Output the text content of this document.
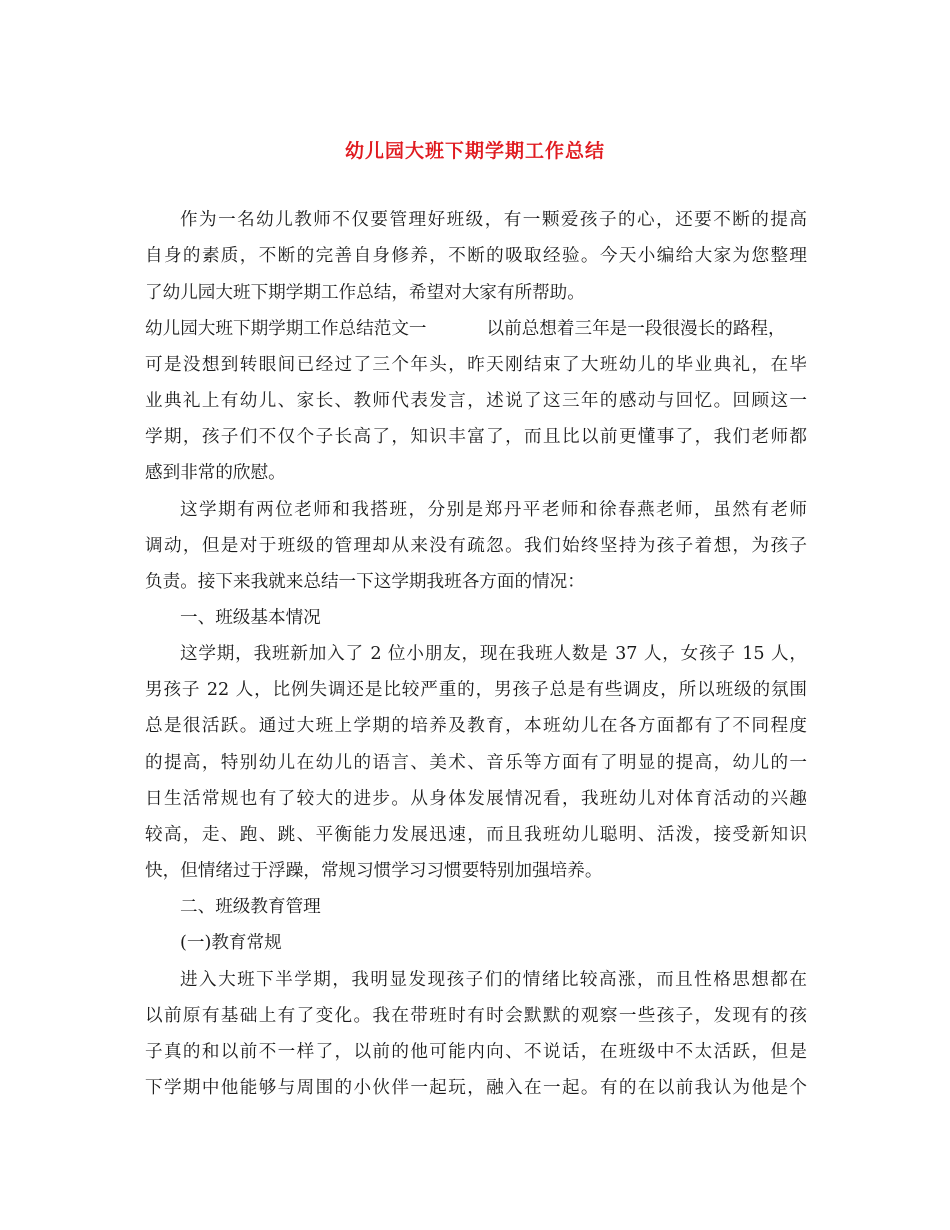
幼儿园大班下期学期工作总结
作为一名幼儿教师不仅要管理好班级，有一颗爱孩子的心，还要不断的提高
自身的素质，不断的完善自身修养，不断的吸取经验。今天小编给大家为您整理
了幼儿园大班下期学期工作总结，希望对大家有所帮助。
幼儿园大班下期学期工作总结范文一	以前总想着三年是一段很漫长的路程，
可是没想到转眼间已经过了三个年头，昨天刚结束了大班幼儿的毕业典礼，在毕
业典礼上有幼儿、家长、教师代表发言，述说了这三年的感动与回忆。回顾这一
学期，孩子们不仅个子长高了，知识丰富了，而且比以前更懂事了，我们老师都
感到非常的欣慰。
这学期有两位老师和我搭班，分别是郑丹平老师和徐春燕老师，虽然有老师
调动，但是对于班级的管理却从来没有疏忽。我们始终坚持为孩子着想，为孩子
负责。接下来我就来总结一下这学期我班各方面的情况：
一、班级基本情况
这学期，我班新加入了 2 位小朋友，现在我班人数是 37 人，女孩子 15 人，
男孩子 22 人，比例失调还是比较严重的，男孩子总是有些调皮，所以班级的氛围
总是很活跃。通过大班上学期的培养及教育，本班幼儿在各方面都有了不同程度
的提高，特别幼儿在幼儿的语言、美术、音乐等方面有了明显的提高，幼儿的一
日生活常规也有了较大的进步。从身体发展情况看，我班幼儿对体育活动的兴趣
较高，走、跑、跳、平衡能力发展迅速，而且我班幼儿聪明、活泼，接受新知识
快，但情绪过于浮躁，常规习惯学习习惯要特别加强培养。
二、班级教育管理
(一)教育常规
进入大班下半学期，我明显发现孩子们的情绪比较高涨，而且性格思想都在
以前原有基础上有了变化。我在带班时有时会默默的观察一些孩子，发现有的孩
子真的和以前不一样了，以前的他可能内向、不说话，在班级中不太活跃，但是
下学期中他能够与周围的小伙伴一起玩，融入在一起。有的在以前我认为他是个
